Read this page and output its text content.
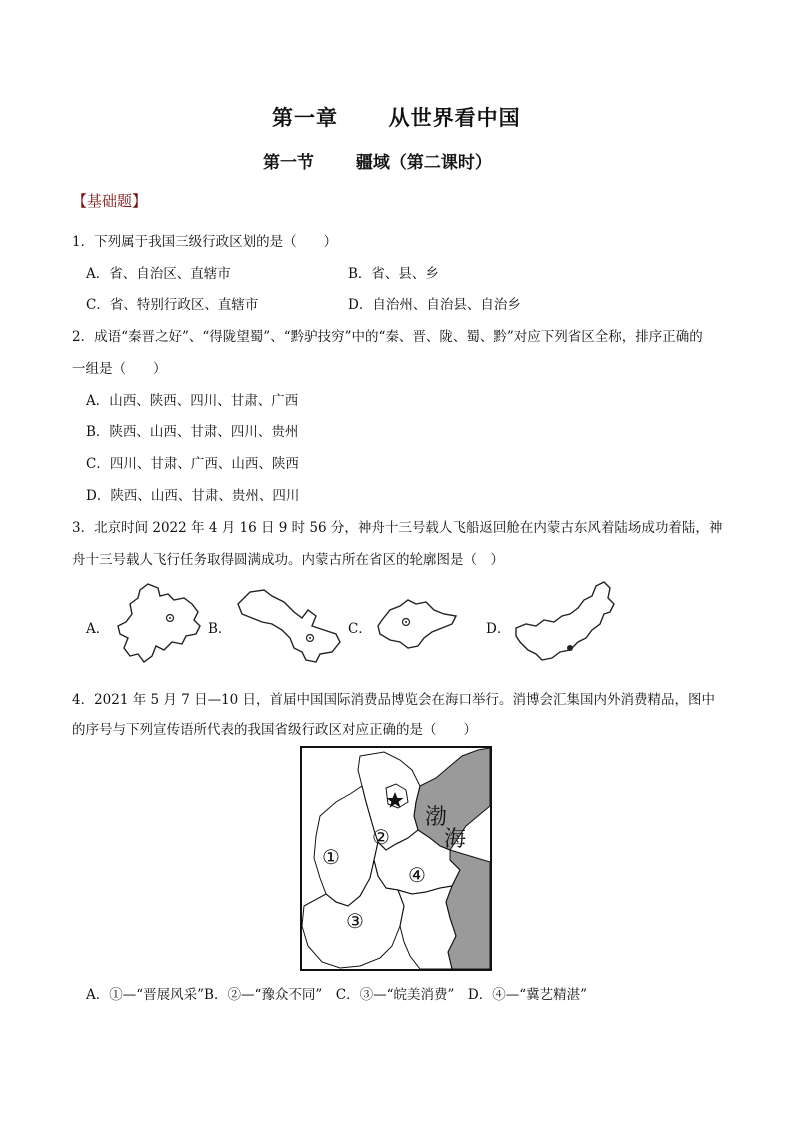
第一章 从世界看中国
第一节 疆域（第二课时）
【基础题】
1．下列属于我国三级行政区划的是（　　）
A．省、自治区、直辖市	B．省、县、乡
C．省、特别行政区、直辖市	D．自治州、自治县、自治乡
2．成语“秦晋之好”、“得陇望蜀”、“黔驴技穷”中的“秦、晋、陇、蜀、黔”对应下列省区全称，排序正确的
一组是（　　）
A．山西、陕西、四川、甘肃、广西
B．陕西、山西、甘肃、四川、贵州
C．四川、甘肃、广西、山西、陕西
D．陕西、山西、甘肃、贵州、四川
3．北京时间 2022 年 4 月 16 日 9 时 56 分，神舟十三号载人飞船返回舱在内蒙古东风着陆场成功着陆，神
舟十三号载人飞行任务取得圆满成功。内蒙古所在省区的轮廓图是（　）
A．	B．	C．	D．
4．2021 年 5 月 7 日—10 日，首届中国国际消费品博览会在海口举行。消博会汇集国内外消费精品，图中
的序号与下列宣传语所代表的我国省级行政区对应正确的是（　　）
渤
海
①
②
③
④
A．①—“晋展风采”B．②—“豫众不同”　C．③—“皖美消费”　D．④—“冀艺精湛”
